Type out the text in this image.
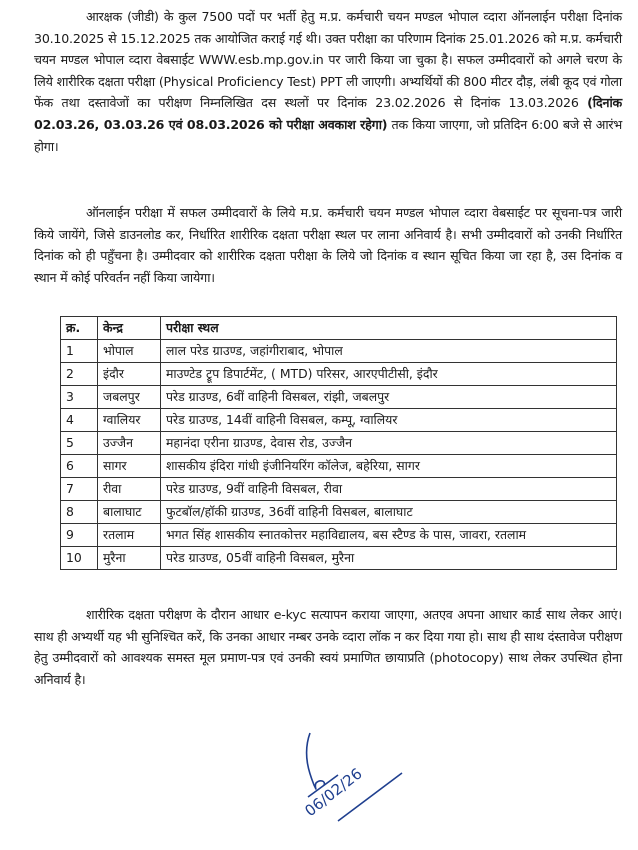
आरक्षक (जीडी) के कुल 7500 पदों पर भर्ती हेतु म.प्र. कर्मचारी चयन मण्डल भोपाल व्दारा ऑनलाईन परीक्षा दिनांक 30.10.2025 से 15.12.2025 तक आयोजित कराई गई थी। उक्त परीक्षा का परिणाम दिनांक 25.01.2026 को म.प्र. कर्मचारी चयन मण्डल भोपाल व्दारा वेबसाईट WWW.esb.mp.gov.in पर जारी किया जा चुका है। सफल उम्मीदवारों को अगले चरण के लिये शारीरिक दक्षता परीक्षा (Physical Proficiency Test) PPT ली जाएगी। अभ्यर्थियों की 800 मीटर दौड़, लंबी कूद एवं गोला फेंक तथा दस्तावेजों का परीक्षण निम्नलिखित दस स्थलों पर दिनांक 23.02.2026 से दिनांक 13.03.2026 (दिनांक 02.03.26, 03.03.26 एवं 08.03.2026 को परीक्षा अवकाश रहेगा) तक किया जाएगा, जो प्रतिदिन 6:00 बजे से आरंभ होगा।
ऑनलाईन परीक्षा में सफल उम्मीदवारों के लिये म.प्र. कर्मचारी चयन मण्डल भोपाल व्दारा वेबसाईट पर सूचना-पत्र जारी किये जायेंगे, जिसे डाउनलोड कर, निर्धारित शारीरिक दक्षता परीक्षा स्थल पर लाना अनिवार्य है। सभी उम्मीदवारों को उनकी निर्धारित दिनांक को ही पहुँचना है। उम्मीदवार को शारीरिक दक्षता परीक्षा के लिये जो दिनांक व स्थान सूचित किया जा रहा है, उस दिनांक व स्थान में कोई परिवर्तन नहीं किया जायेगा।
क्र.	केन्द्र	परीक्षा स्थल
1	भोपाल	लाल परेड ग्राउण्ड, जहांगीराबाद, भोपाल
2	इंदौर	माउण्टेड ट्रूप डिपार्टमेंट, ( MTD) परिसर, आरएपीटीसी, इंदौर
3	जबलपुर	परेड ग्राउण्ड, 6वीं वाहिनी विसबल, रांझी, जबलपुर
4	ग्वालियर	परेड ग्राउण्ड, 14वीं वाहिनी विसबल, कम्पू, ग्वालियर
5	उज्जैन	महानंदा एरीना ग्राउण्ड, देवास रोड, उज्जैन
6	सागर	शासकीय इंदिरा गांधी इंजीनियरिंग कॉलेज, बहेरिया, सागर
7	रीवा	परेड ग्राउण्ड, 9वीं वाहिनी विसबल, रीवा
8	बालाघाट	फुटबॉल/हॉकी ग्राउण्ड, 36वीं वाहिनी विसबल, बालाघाट
9	रतलाम	भगत सिंह शासकीय स्नातकोत्तर महाविद्यालय, बस स्टैण्ड के पास, जावरा, रतलाम
10	मुरैना	परेड ग्राउण्ड, 05वीं वाहिनी विसबल, मुरैना
शारीरिक दक्षता परीक्षण के दौरान आधार e-kyc सत्यापन कराया जाएगा, अतएव अपना आधार कार्ड साथ लेकर आएं। साथ ही अभ्यर्थी यह भी सुनिश्चित करें, कि उनका आधार नम्बर उनके व्दारा लॉक न कर दिया गया हो। साथ ही साथ दंस्तावेज परीक्षण हेतु उम्मीदवारों को आवश्यक समस्त मूल प्रमाण-पत्र एवं उनकी स्वयं प्रमाणित छायाप्रति (photocopy) साथ लेकर उपस्थित होना अनिवार्य है।
06/02/26
